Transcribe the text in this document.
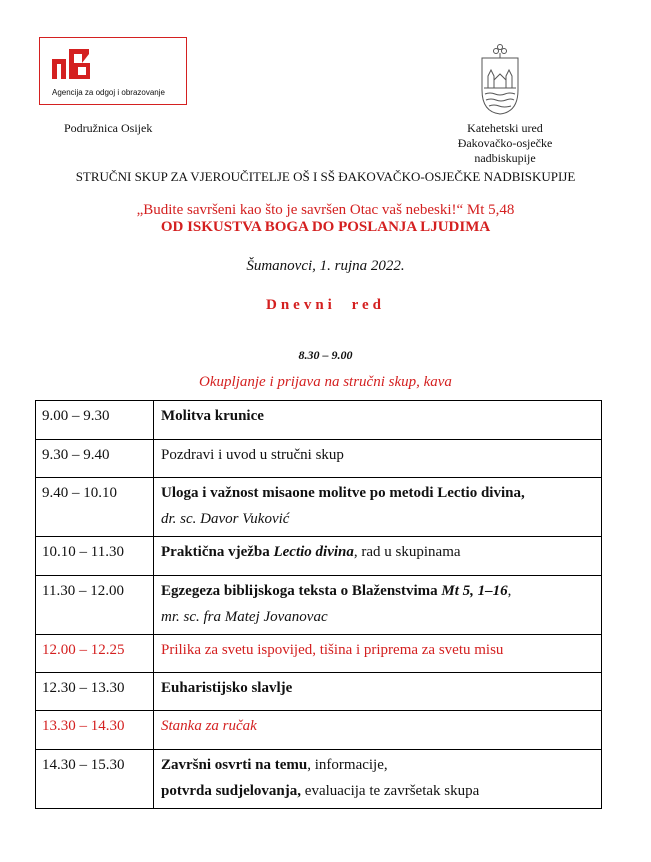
Agencija za odgoj i obrazovanje
Podružnica Osijek	Katehetski ured
Đakovačko-osječke nadbiskupije
STRUČNI SKUP ZA VJEROUČITELJE OŠ I SŠ ĐAKOVAČKO-OSJEČKE NADBISKUPIJE
„Budite savršeni kao što je savršen Otac vaš nebeski!“ Mt 5,48
OD ISKUSTVA BOGA DO POSLANJA LJUDIMA
Šumanovci, 1. rujna 2022.
Dnevni red
8.30 – 9.00
Okupljanje i prijava na stručni skup, kava
9.00 – 9.30	Molitva krunice

9.30 – 9.40	Pozdravi i uvod u stručni skup

9.40 – 10.10	Uloga i važnost misaone molitve po metodi Lectio divina,
dr. sc. Davor Vuković

10.10 – 11.30	Praktična vježba Lectio divina, rad u skupinama

11.30 – 12.00	Egzegeza biblijskoga teksta o Blaženstvima Mt 5, 1–16,
mr. sc. fra Matej Jovanovac

12.00 – 12.25	Prilika za svetu ispovijed, tišina i priprema za svetu misu

12.30 – 13.30	Euharistijsko slavlje

13.30 – 14.30	Stanka za ručak

14.30 – 15.30	Završni osvrti na temu, informacije,
potvrda sudjelovanja, evaluacija te završetak skupa
